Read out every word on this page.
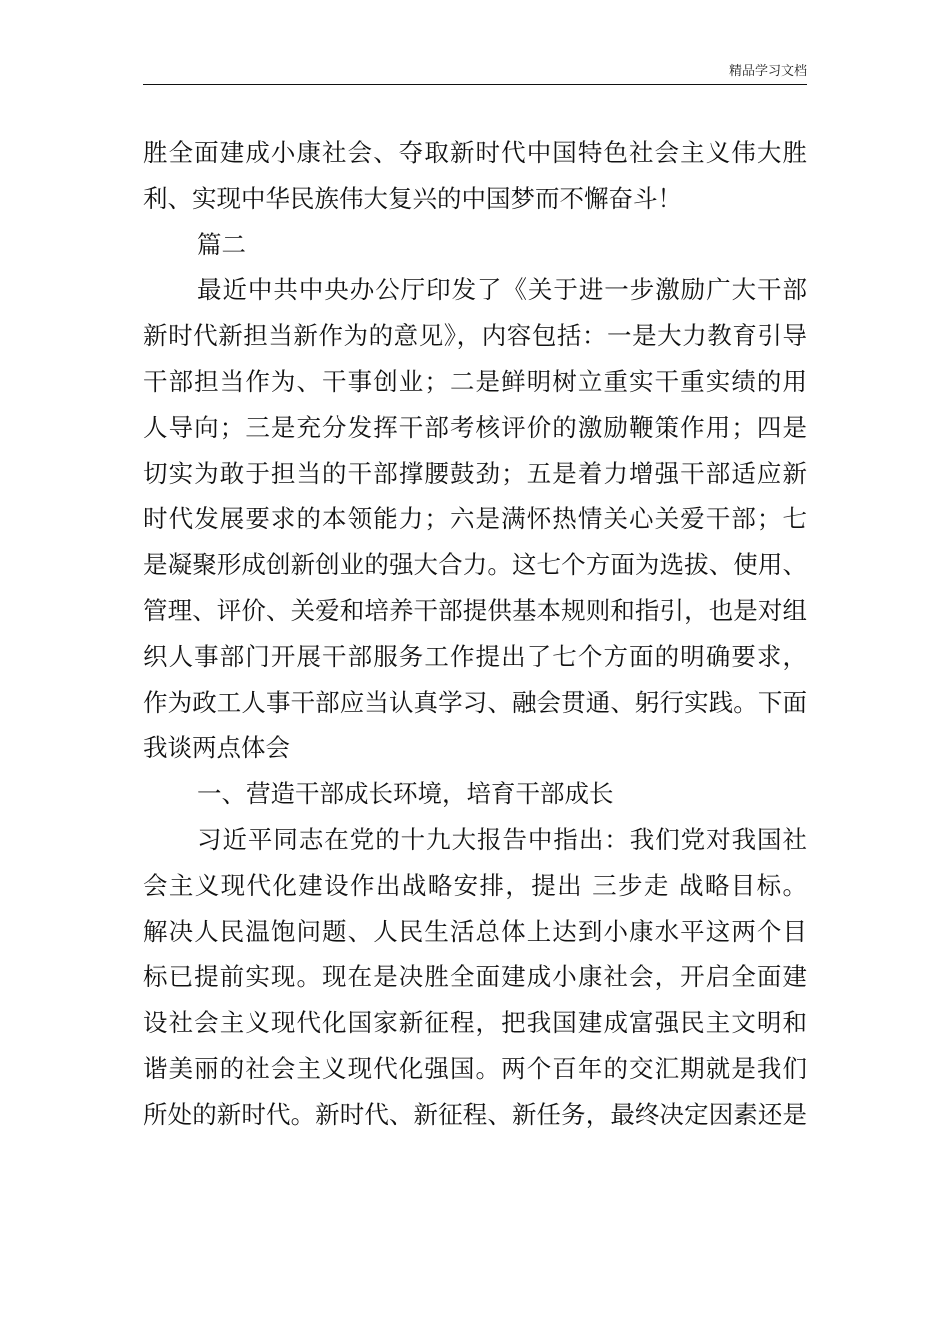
精品学习文档
胜全面建成小康社会、夺取新时代中国特色社会主义伟大胜
利、实现中华民族伟大复兴的中国梦而不懈奋斗！
篇二
最近中共中央办公厅印发了《关于进一步激励广大干部
新时代新担当新作为的意见》，内容包括：一是大力教育引导
干部担当作为、干事创业；二是鲜明树立重实干重实绩的用
人导向；三是充分发挥干部考核评价的激励鞭策作用；四是
切实为敢于担当的干部撑腰鼓劲；五是着力增强干部适应新
时代发展要求的本领能力；六是满怀热情关心关爱干部；七
是凝聚形成创新创业的强大合力。这七个方面为选拔、使用、
管理、评价、关爱和培养干部提供基本规则和指引，也是对组
织人事部门开展干部服务工作提出了七个方面的明确要求，
作为政工人事干部应当认真学习、融会贯通、躬行实践。下面
我谈两点体会
一、营造干部成长环境，培育干部成长
习近平同志在党的十九大报告中指出：我们党对我国社
会主义现代化建设作出战略安排，提出 三步走 战略目标。
解决人民温饱问题、人民生活总体上达到小康水平这两个目
标已提前实现。现在是决胜全面建成小康社会，开启全面建
设社会主义现代化国家新征程，把我国建成富强民主文明和
谐美丽的社会主义现代化强国。两个百年的交汇期就是我们
所处的新时代。新时代、新征程、新任务，最终决定因素还是
